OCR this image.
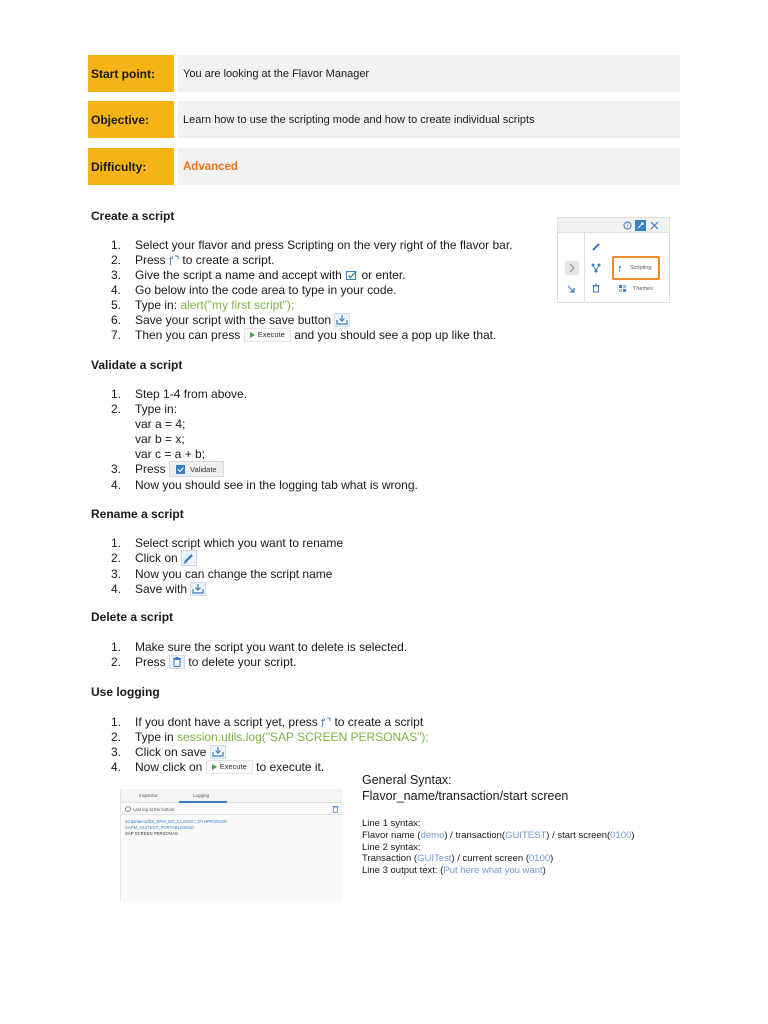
Start point:	You are looking at the Flavor Manager
Objective:	Learn how to use the scripting mode and how to create individual scripts
Difficulty:	Advanced
Create a script
1. Select your flavor and press Scripting on the very right of the flavor bar.
2. Press ꝭ to create a script.
3. Give the script a name and accept with or enter.
4. Go below into the code area to type in your code.
5. Type in: alert("my first script");
6. Save your script with the save button
7. Then you can press Execute and you should see a pop up like that.
?
ꝭ Scripting
Themes
Validate a script
1. Step 1-4 from above.
2. Type in:
var a = 4;
var b = x;
var c = a + b;
3. Press	Validate
4. Now you should see in the logging tab what is wrong.
Rename a script
1. Select script which you want to rename
2. Click on
3. Now you can change the script name
4. Save with
Delete a script
1. Make sure the script you want to delete is selected.
2. Press to delete your script.
Use logging
1. If you dont have a script yet, press ꝭ to create a script
2. Type in session.utils.log("SAP SCREEN PERSONAS");
3. Click on save
4. Now click on Execute to execute it.
Inspector	Logging
Last log at the bottom
script/demo/BS_EPM_BO_CLASSIC_DYNPRO/0100
SAPM_GUITEST_FORTABLE/0010
SAP SCREEN PERSONAS
General Syntax:
Flavor_name/transaction/start screen
Line 1 syntax:
Flavor name (demo) / transaction(GUITEST) / start screen(0100)
Line 2 syntax:
Transaction (GUITest) / current screen (0100)
Line 3 output text: (Put here what you want)
